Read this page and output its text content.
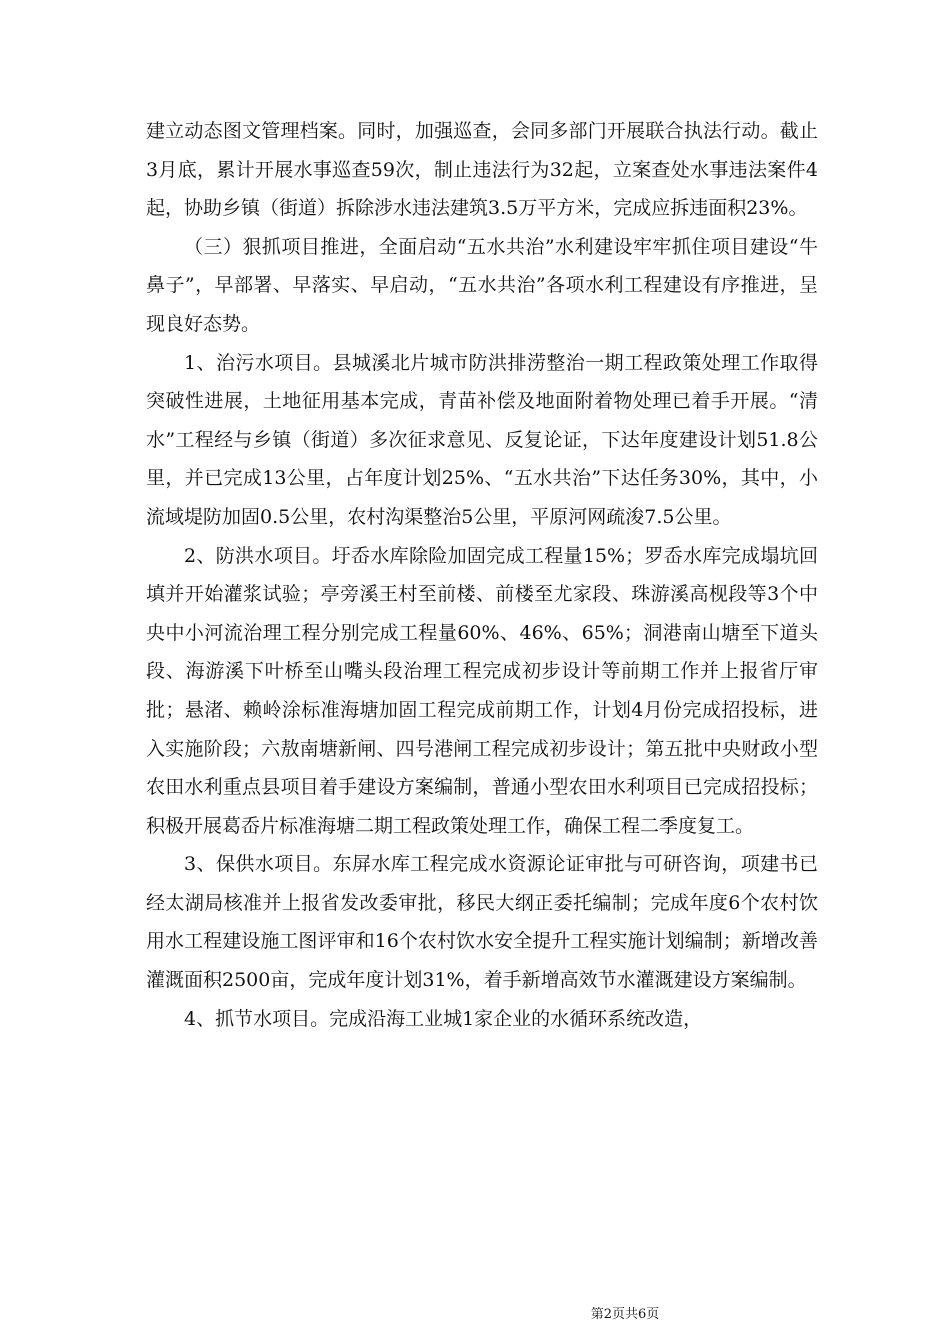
建立动态图文管理档案。同时，加强巡查，会同多部门开展联合执法行动。截止3月底，累计开展水事巡查59次，制止违法行为32起，立案查处水事违法案件4起，协助乡镇（街道）拆除涉水违法建筑3.5万平方米，完成应拆违面积23%。

（三）狠抓项目推进，全面启动“五水共治”水利建设牢牢抓住项目建设“牛鼻子”，早部署、早落实、早启动，“五水共治”各项水利工程建设有序推进，呈现良好态势。

1、治污水项目。县城溪北片城市防洪排涝整治一期工程政策处理工作取得突破性进展，土地征用基本完成，青苗补偿及地面附着物处理已着手开展。“清水”工程经与乡镇（街道）多次征求意见、反复论证，下达年度建设计划51.8公里，并已完成13公里，占年度计划25%、“五水共治”下达任务30%，其中，小流域堤防加固0.5公里，农村沟渠整治5公里，平原河网疏浚7.5公里。

2、防洪水项目。圩岙水库除险加固完成工程量15%；罗岙水库完成塌坑回填并开始灌浆试验；亭旁溪王村至前楼、前楼至尤家段、珠游溪高枧段等3个中央中小河流治理工程分别完成工程量60%、46%、65%；洞港南山塘至下道头段、海游溪下叶桥至山嘴头段治理工程完成初步设计等前期工作并上报省厅审批；悬渚、赖岭涂标准海塘加固工程完成前期工作，计划4月份完成招投标，进入实施阶段；六敖南塘新闸、四号港闸工程完成初步设计；第五批中央财政小型农田水利重点县项目着手建设方案编制，普通小型农田水利项目已完成招投标；积极开展葛岙片标准海塘二期工程政策处理工作，确保工程二季度复工。

3、保供水项目。东屏水库工程完成水资源论证审批与可研咨询，项建书已经太湖局核准并上报省发改委审批，移民大纲正委托编制；完成年度6个农村饮用水工程建设施工图评审和16个农村饮水安全提升工程实施计划编制；新增改善灌溉面积2500亩，完成年度计划31%，着手新增高效节水灌溉建设方案编制。

4、抓节水项目。完成沿海工业城1家企业的水循环系统改造，

第2页共6页
